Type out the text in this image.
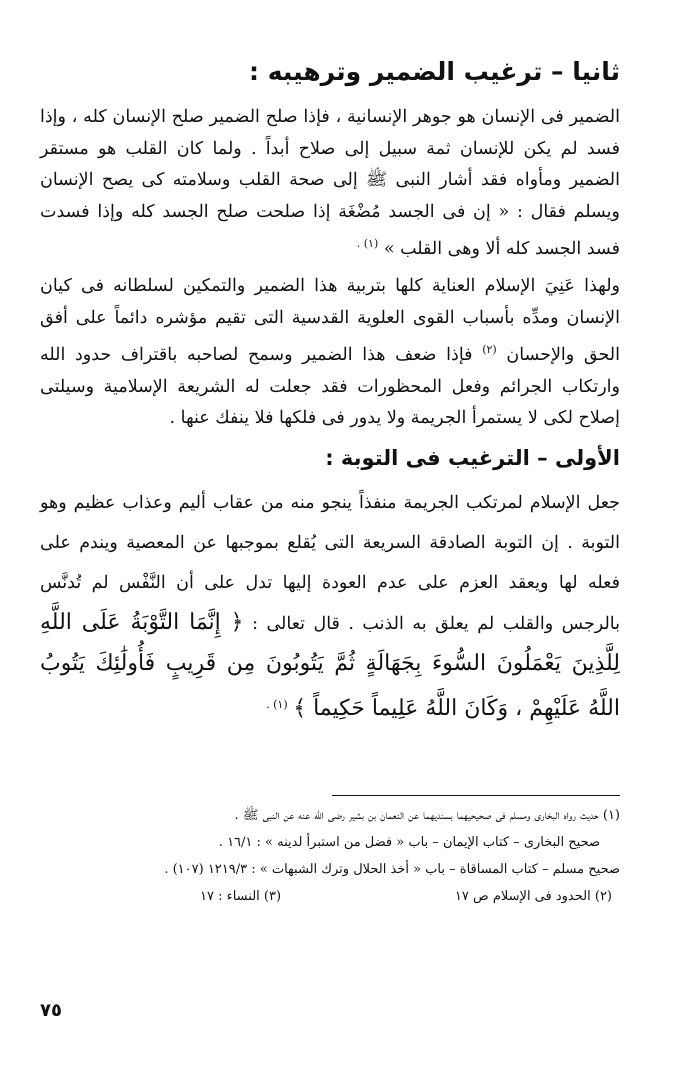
ثانيا – ترغيب الضمير وترهيبه :

الضمير فى الإنسان هو جوهر الإنسانية ، فإذا صلح الضمير صلح الإنسان كله ، وإذا فسد لم يكن للإنسان ثمة سبيل إلى صلاح أبداً . ولما كان القلب هو مستقر الضمير ومأواه فقد أشار النبى ﷺ إلى صحة القلب وسلامته كى يصح الإنسان ويسلم فقال : « إن فى الجسد مُضْغَة إذا صلحت صلح الجسد كله وإذا فسدت فسد الجسد كله ألا وهى القلب » $^{(١) .}$

ولهذا عَنِيَ الإسلام العناية كلها بتربية هذا الضمير والتمكين لسلطانه فى كيان الإنسان ومدِّه بأسباب القوى العلوية القدسية التى تقيم مؤشره دائماً على أفق الحق والإحسان $^{(٢)}$ فإذا ضعف هذا الضمير وسمح لصاحبه باقتراف حدود الله وارتكاب الجرائم وفعل المحظورات فقد جعلت له الشريعة الإسلامية وسيلتى إصلاح لكى لا يستمرأ الجريمة ولا يدور فى فلكها فلا ينفك عنها .

الأولى – الترغيب فى التوبة :

جعل الإسلام لمرتكب الجريمة منفذاً ينجو منه من عقاب أليم وعذاب عظيم وهو التوبة . إن التوبة الصادقة السريعة التى يُقلع بموجبها عن المعصية ويندم على فعله لها ويعقد العزم على عدم العودة إليها تدل على أن النَّفْس لم تُدنَّس بالرجس والقلب لم يعلق به الذنب . قال تعالى : ﴿ إِنَّمَا التَّوْبَةُ عَلَى اللَّهِ لِلَّذِينَ يَعْمَلُونَ السُّوءَ بِجَهَالَةٍ ثُمَّ يَتُوبُونَ مِن قَرِيبٍ فَأُولَٰئِكَ يَتُوبُ اللَّهُ عَلَيْهِمْ ، وَكَانَ اللَّهُ عَلِيماً حَكِيماً ﴾ $^{(١) .}$

(١) حديث رواه البخارى ومسلم فى صحيحيهما بسنديهما عن النعمان بن بشير رضى الله عنه عن النبى ﷺ .
صحيح البخارى – كتاب الإيمان – باب « فضل من استبرأ لدينه » : ١٦/١ .
صحيح مسلم – كتاب المساقاة – باب « أخذ الحلال وترك الشبهات » : ١٢١٩/٣ (١٠٧) .
(٢) الحدود فى الإسلام ص ١٧
(٣) النساء : ١٧
٧٥
